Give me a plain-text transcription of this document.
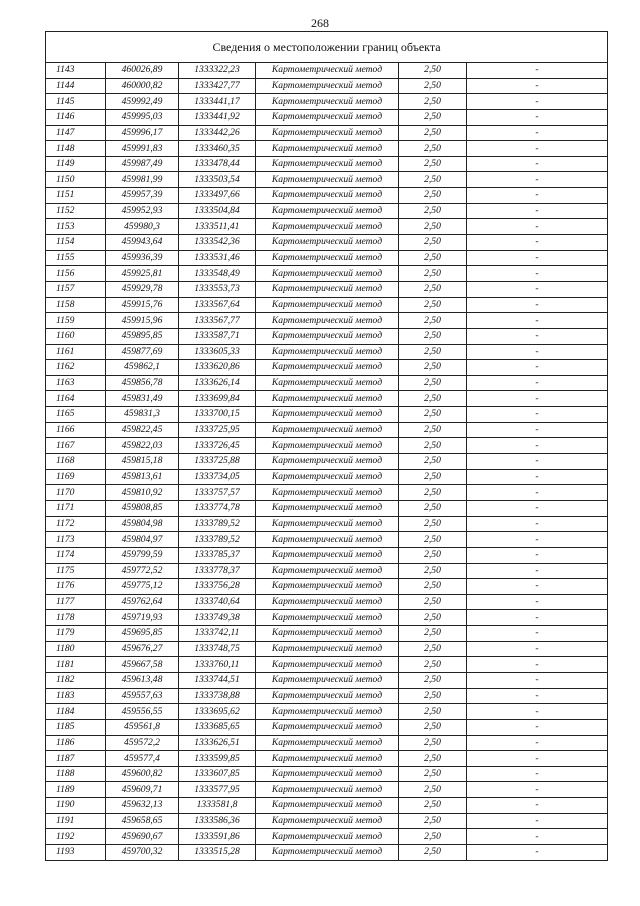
268
Сведения о местоположении границ объекта
1143	460026,89	1333322,23	Картометрический метод	2,50	-
1144	460000,82	1333427,77	Картометрический метод	2,50	-
1145	459992,49	1333441,17	Картометрический метод	2,50	-
1146	459995,03	1333441,92	Картометрический метод	2,50	-
1147	459996,17	1333442,26	Картометрический метод	2,50	-
1148	459991,83	1333460,35	Картометрический метод	2,50	-
1149	459987,49	1333478,44	Картометрический метод	2,50	-
1150	459981,99	1333503,54	Картометрический метод	2,50	-
1151	459957,39	1333497,66	Картометрический метод	2,50	-
1152	459952,93	1333504,84	Картометрический метод	2,50	-
1153	459980,3	1333511,41	Картометрический метод	2,50	-
1154	459943,64	1333542,36	Картометрический метод	2,50	-
1155	459936,39	1333531,46	Картометрический метод	2,50	-
1156	459925,81	1333548,49	Картометрический метод	2,50	-
1157	459929,78	1333553,73	Картометрический метод	2,50	-
1158	459915,76	1333567,64	Картометрический метод	2,50	-
1159	459915,96	1333567,77	Картометрический метод	2,50	-
1160	459895,85	1333587,71	Картометрический метод	2,50	-
1161	459877,69	1333605,33	Картометрический метод	2,50	-
1162	459862,1	1333620,86	Картометрический метод	2,50	-
1163	459856,78	1333626,14	Картометрический метод	2,50	-
1164	459831,49	1333699,84	Картометрический метод	2,50	-
1165	459831,3	1333700,15	Картометрический метод	2,50	-
1166	459822,45	1333725,95	Картометрический метод	2,50	-
1167	459822,03	1333726,45	Картометрический метод	2,50	-
1168	459815,18	1333725,88	Картометрический метод	2,50	-
1169	459813,61	1333734,05	Картометрический метод	2,50	-
1170	459810,92	1333757,57	Картометрический метод	2,50	-
1171	459808,85	1333774,78	Картометрический метод	2,50	-
1172	459804,98	1333789,52	Картометрический метод	2,50	-
1173	459804,97	1333789,52	Картометрический метод	2,50	-
1174	459799,59	1333785,37	Картометрический метод	2,50	-
1175	459772,52	1333778,37	Картометрический метод	2,50	-
1176	459775,12	1333756,28	Картометрический метод	2,50	-
1177	459762,64	1333740,64	Картометрический метод	2,50	-
1178	459719,93	1333749,38	Картометрический метод	2,50	-
1179	459695,85	1333742,11	Картометрический метод	2,50	-
1180	459676,27	1333748,75	Картометрический метод	2,50	-
1181	459667,58	1333760,11	Картометрический метод	2,50	-
1182	459613,48	1333744,51	Картометрический метод	2,50	-
1183	459557,63	1333738,88	Картометрический метод	2,50	-
1184	459556,55	1333695,62	Картометрический метод	2,50	-
1185	459561,8	1333685,65	Картометрический метод	2,50	-
1186	459572,2	1333626,51	Картометрический метод	2,50	-
1187	459577,4	1333599,85	Картометрический метод	2,50	-
1188	459600,82	1333607,85	Картометрический метод	2,50	-
1189	459609,71	1333577,95	Картометрический метод	2,50	-
1190	459632,13	1333581,8	Картометрический метод	2,50	-
1191	459658,65	1333586,36	Картометрический метод	2,50	-
1192	459690,67	1333591,86	Картометрический метод	2,50	-
1193	459700,32	1333515,28	Картометрический метод	2,50	-
